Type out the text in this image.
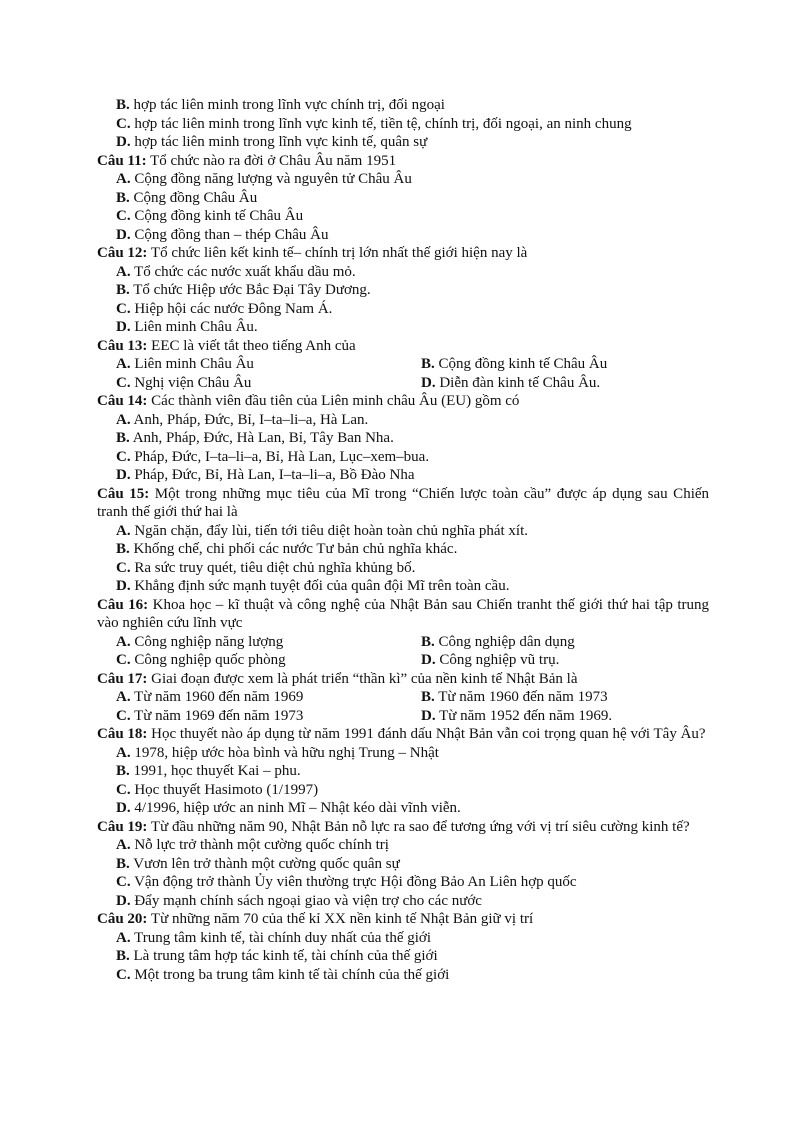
B. hợp tác liên minh trong lĩnh vực chính trị, đối ngoại
C. hợp tác liên minh trong lĩnh vực kinh tế, tiền tệ, chính trị, đối ngoại, an ninh chung
D. hợp tác liên minh trong lĩnh vực kinh tế, quân sự
Câu 11: Tổ chức nào ra đời ở Châu Âu năm 1951
A. Cộng đồng năng lượng và nguyên tử Châu Âu
B. Cộng đồng Châu Âu
C. Cộng đồng kinh tế Châu Âu
D. Cộng đồng than – thép Châu Âu
Câu 12: Tổ chức liên kết kinh tế– chính trị lớn nhất thế giới hiện nay là
A. Tổ chức các nước xuất khẩu dầu mỏ.
B. Tổ chức Hiệp ước Bắc Đại Tây Dương.
C. Hiệp hội các nước Đông Nam Á.
D. Liên minh Châu Âu.
Câu 13: EEC là viết tắt theo tiếng Anh của
A. Liên minh Châu Âu	B. Cộng đồng kinh tế Châu Âu
C. Nghị viện Châu Âu	D. Diễn đàn kinh tế Châu Âu.
Câu 14: Các thành viên đầu tiên của Liên minh châu Âu (EU) gồm có
A. Anh, Pháp, Đức, Bỉ, I–ta–li–a, Hà Lan.
B. Anh, Pháp, Đức, Hà Lan, Bỉ, Tây Ban Nha.
C. Pháp, Đức, I–ta–li–a, Bỉ, Hà Lan, Lục–xem–bua.
D. Pháp, Đức, Bỉ, Hà Lan, I–ta–li–a, Bồ Đào Nha
Câu 15: Một trong những mục tiêu của Mĩ trong “Chiến lược toàn cầu” được áp dụng sau Chiến tranh thế giới thứ hai là
A. Ngăn chặn, đẩy lùi, tiến tới tiêu diệt hoàn toàn chủ nghĩa phát xít.
B. Khống chế, chi phối các nước Tư bản chủ nghĩa khác.
C. Ra sức truy quét, tiêu diệt chủ nghĩa khủng bố.
D. Khẳng định sức mạnh tuyệt đối của quân đội Mĩ trên toàn cầu.
Câu 16: Khoa học – kĩ thuật và công nghệ của Nhật Bản sau Chiến tranht thế giới thứ hai tập trung vào nghiên cứu lĩnh vực
A. Công nghiệp năng lượng	B. Công nghiệp dân dụng
C. Công nghiệp quốc phòng	D. Công nghiệp vũ trụ.
Câu 17: Giai đoạn được xem là phát triển “thần kì” của nền kinh tế Nhật Bản là
A. Từ năm 1960 đến năm 1969	B. Từ năm 1960 đến năm 1973
C. Từ năm 1969 đến năm 1973	D. Từ năm 1952 đến năm 1969.
Câu 18: Học thuyết nào áp dụng từ năm 1991 đánh dấu Nhật Bản vẫn coi trọng quan hệ với Tây Âu?
A. 1978, hiệp ước hòa bình và hữu nghị Trung – Nhật
B. 1991, học thuyết Kai – phu.
C. Học thuyết Hasimoto (1/1997)
D. 4/1996, hiệp ước an ninh Mĩ – Nhật kéo dài vĩnh viễn.
Câu 19: Từ đầu những năm 90, Nhật Bản nỗ lực ra sao để tương ứng với vị trí siêu cường kinh tế?
A. Nỗ lực trở thành một cường quốc chính trị
B. Vươn lên trở thành một cường quốc quân sự
C. Vận động trở thành Ủy viên thường trực Hội đồng Bảo An Liên hợp quốc
D. Đẩy mạnh chính sách ngoại giao và viện trợ cho các nước
Câu 20: Từ những năm 70 của thế kỉ XX nền kinh tế Nhật Bản giữ vị trí
A. Trung tâm kinh tế, tài chính duy nhất của thế giới
B. Là trung tâm hợp tác kinh tế, tài chính của thế giới
C. Một trong ba trung tâm kinh tế tài chính của thế giới
